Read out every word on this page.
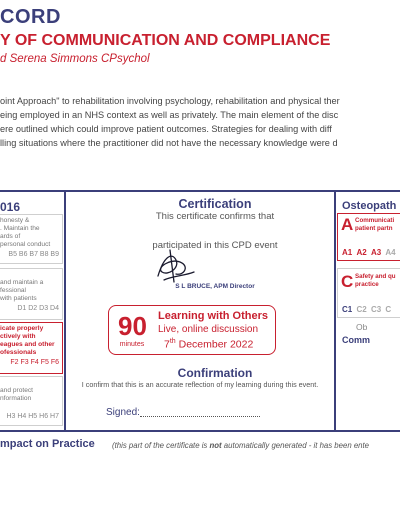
CORD
Y OF COMMUNICATION AND COMPLIANCE
d Serena Simmons CPsychol
oint Approach" to rehabilitation involving psychology, rehabilitation and physical ther
eing employed in an NHS context as well as privately. The main element of the disc
ere outlined which could improve patient outcomes. Strategies for dealing with diff
lling situations where the practitioner did not have the necessary knowledge were d
016
honesty &
. Maintain the
ards of
personal conduct
B5 B6 B7 B8 B9

and maintain a
fessional
with patients
D1 D2 D3 D4
icate properly
ctively with
eagues and other
ofessionals
F2 F3 F4 F5 F6

and protect
nformation

H3 H4 H5 H6 H7
Certification
This certificate confirms that
participated in this CPD event
S L BRUCE, APM Director
90
minutes
Learning with Others
Live, online discussion
7th December 2022
Confirmation
I confirm that this is an accurate reflection of my learning during this event.
Signed:
Osteopath
A Communicati
patient partn
A1 A2 A3 A4
C Safety and qu
practice
C1 C2 C3 C
Ob
Comm
mpact on Practice (this part of the certificate is not automatically generated - it has been ente
